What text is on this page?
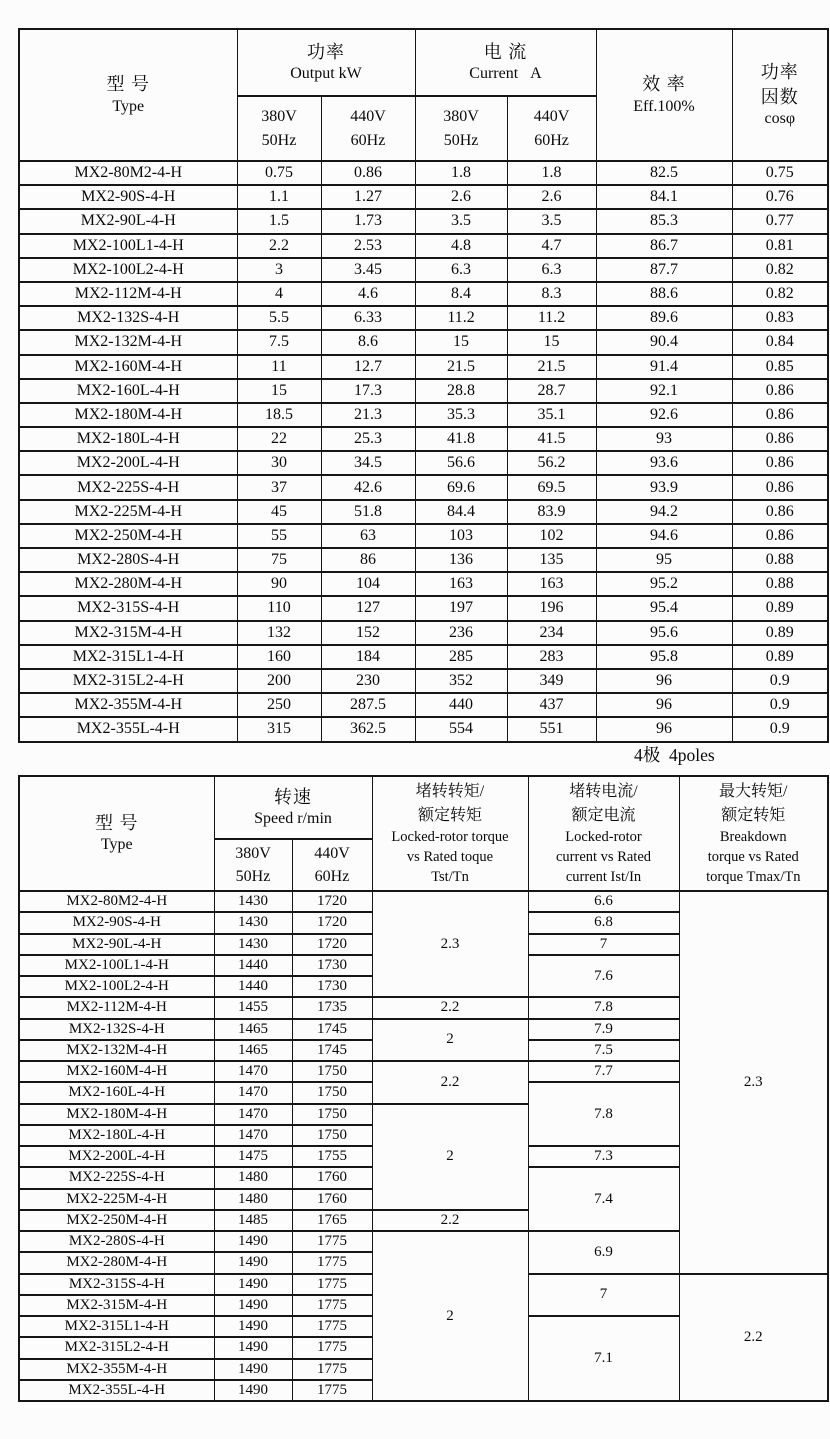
型 号
Type	功率
Output kW		电 流
Current   A		效 率
Eff.100%	功率
因数
cosφ

	380V
50Hz	440V
60Hz	380V
50Hz	440V
60Hz		

MX2-80M2-4-H	0.75	0.86	1.8	1.8	82.5	0.75
MX2-90S-4-H	1.1	1.27	2.6	2.6	84.1	0.76
MX2-90L-4-H	1.5	1.73	3.5	3.5	85.3	0.77
MX2-100L1-4-H	2.2	2.53	4.8	4.7	86.7	0.81
MX2-100L2-4-H	3	3.45	6.3	6.3	87.7	0.82
MX2-112M-4-H	4	4.6	8.4	8.3	88.6	0.82
MX2-132S-4-H	5.5	6.33	11.2	11.2	89.6	0.83
MX2-132M-4-H	7.5	8.6	15	15	90.4	0.84
MX2-160M-4-H	11	12.7	21.5	21.5	91.4	0.85
MX2-160L-4-H	15	17.3	28.8	28.7	92.1	0.86
MX2-180M-4-H	18.5	21.3	35.3	35.1	92.6	0.86
MX2-180L-4-H	22	25.3	41.8	41.5	93	0.86
MX2-200L-4-H	30	34.5	56.6	56.2	93.6	0.86
MX2-225S-4-H	37	42.6	69.6	69.5	93.9	0.86
MX2-225M-4-H	45	51.8	84.4	83.9	94.2	0.86
MX2-250M-4-H	55	63	103	102	94.6	0.86
MX2-280S-4-H	75	86	136	135	95	0.88
MX2-280M-4-H	90	104	163	163	95.2	0.88
MX2-315S-4-H	110	127	197	196	95.4	0.89
MX2-315M-4-H	132	152	236	234	95.6	0.89
MX2-315L1-4-H	160	184	285	283	95.8	0.89
MX2-315L2-4-H	200	230	352	349	96	0.9
MX2-355M-4-H	250	287.5	440	437	96	0.9
MX2-355L-4-H	315	362.5	554	551	96	0.9
4极  4poles
型 号
Type	转速
Speed r/min		堵转转矩/
额定转矩
Locked-rotor torque
vs Rated toque
Tst/Tn	堵转电流/
额定电流
Locked-rotor
current vs Rated
current Ist/In	最大转矩/
额定转矩
Breakdown
torque vs Rated
torque Tmax/Tn

	380V
50Hz	440V
60Hz			

MX2-80M2-4-H	1430	1720	2.3	6.6	2.3
MX2-90S-4-H	1430	1720		6.8	
MX2-90L-4-H	1430	1720		7	
MX2-100L1-4-H	1440	1730		7.6	
MX2-100L2-4-H	1440	1730			
MX2-112M-4-H	1455	1735	2.2	7.8	
MX2-132S-4-H	1465	1745	2	7.9	
MX2-132M-4-H	1465	1745		7.5	
MX2-160M-4-H	1470	1750	2.2	7.7	
MX2-160L-4-H	1470	1750		7.8	
MX2-180M-4-H	1470	1750	2		
MX2-180L-4-H	1470	1750			
MX2-200L-4-H	1475	1755		7.3	
MX2-225S-4-H	1480	1760		7.4	
MX2-225M-4-H	1480	1760			
MX2-250M-4-H	1485	1765	2.2		
MX2-280S-4-H	1490	1775	2	6.9	
MX2-280M-4-H	1490	1775			
MX2-315S-4-H	1490	1775		7	2.2
MX2-315M-4-H	1490	1775			
MX2-315L1-4-H	1490	1775		7.1	
MX2-315L2-4-H	1490	1775			
MX2-355M-4-H	1490	1775			
MX2-355L-4-H	1490	1775			
